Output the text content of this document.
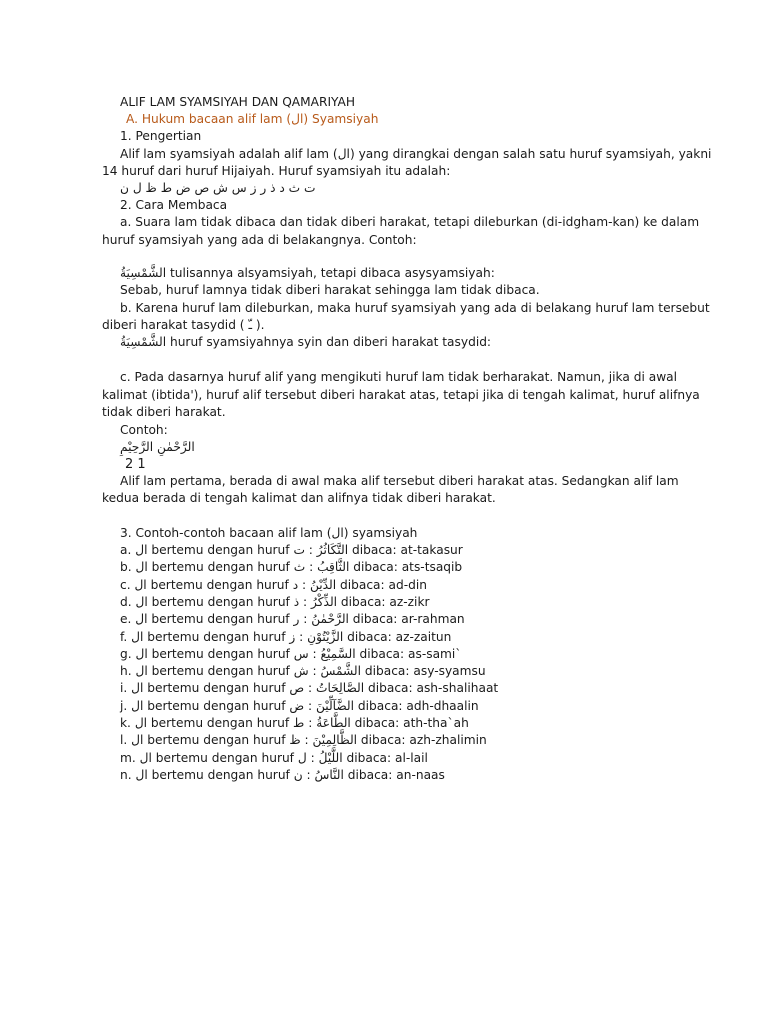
ALIF LAM SYAMSIYAH DAN QAMARIYAH
A. Hukum bacaan alif lam (ال) Syamsiyah
1. Pengertian
Alif lam syamsiyah adalah alif lam (ال) yang dirangkai dengan salah satu huruf syamsiyah, yakni
14 huruf dari huruf Hijaiyah. Huruf syamsiyah itu adalah:
ت ث د ذ ر ز س ش ص ض ط ظ ل ن
2. Cara Membaca
a. Suara lam tidak dibaca dan tidak diberi harakat, tetapi dileburkan (di-idgham-kan) ke dalam
huruf syamsiyah yang ada di belakangnya. Contoh:
الشَّمْسِيَةُ tulisannya alsyamsiyah, tetapi dibaca asysyamsiyah:
Sebab, huruf lamnya tidak diberi harakat sehingga lam tidak dibaca.
b. Karena huruf lam dileburkan, maka huruf syamsiyah yang ada di belakang huruf lam tersebut
diberi harakat tasydid ( ـّ ).
الشَّمْسِيَةُ huruf syamsiyahnya syin dan diberi harakat tasydid:
c. Pada dasarnya huruf alif yang mengikuti huruf lam tidak berharakat. Namun, jika di awal
kalimat (ibtida'), huruf alif tersebut diberi harakat atas, tetapi jika di tengah kalimat, huruf alifnya
tidak diberi harakat.
Contoh:
الرَّحْمٰنِ الرَّحِيْمِ
2 1
Alif lam pertama, berada di awal maka alif tersebut diberi harakat atas. Sedangkan alif lam
kedua berada di tengah kalimat dan alifnya tidak diberi harakat.
3. Contoh-contoh bacaan alif lam (ال) syamsiyah
a. ال bertemu dengan huruf ت : التَّكَاثُرُ dibaca: at-takasur
b. ال bertemu dengan huruf ث : الثَّاقِبُ dibaca: ats-tsaqib
c. ال bertemu dengan huruf د : الدِّيْنُ dibaca: ad-din
d. ال bertemu dengan huruf ذ : الذِّكْرُ dibaca: az-zikr
e. ال bertemu dengan huruf ر : الرَّحْمٰنُ dibaca: ar-rahman
f. ال bertemu dengan huruf ز : الزَّيْتُوْنِ dibaca: az-zaitun
g. ال bertemu dengan huruf س : السَّمِيْعُ dibaca: as-sami`
h. ال bertemu dengan huruf ش : الشَّمْسُ dibaca: asy-syamsu
i. ال bertemu dengan huruf ص : الصَّالِحَاتُ dibaca: ash-shalihaat
j. ال bertemu dengan huruf ض : الضَّآلِّيْنَ dibaca: adh-dhaalin
k. ال bertemu dengan huruf ط : الطَّاعَةُ dibaca: ath-tha`ah
l. ال bertemu dengan huruf ظ : الظَّالِمِيْنَ dibaca: azh-zhalimin
m. ال bertemu dengan huruf ل : اللَّيْلُ dibaca: al-lail
n. ال bertemu dengan huruf ن : النَّاسُ dibaca: an-naas
